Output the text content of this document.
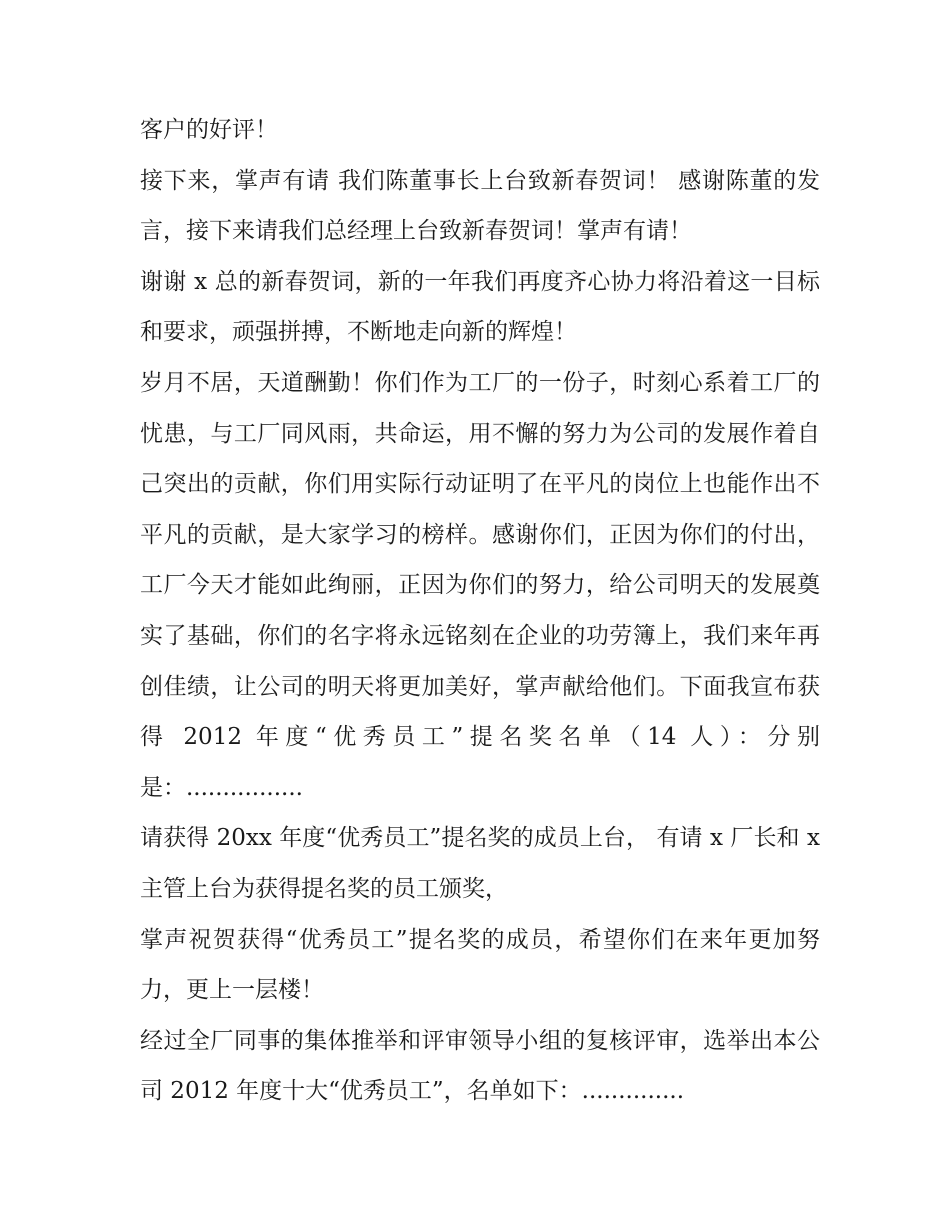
客户的好评！

接下来，掌声有请 我们陈董事长上台致新春贺词！ 感谢陈董的发言，接下来请我们总经理上台致新春贺词！掌声有请！

谢谢 x 总的新春贺词，新的一年我们再度齐心协力将沿着这一目标和要求，顽强拼搏，不断地走向新的辉煌！

岁月不居，天道酬勤！你们作为工厂的一份子，时刻心系着工厂的忧患，与工厂同风雨，共命运，用不懈的努力为公司的发展作着自己突出的贡献，你们用实际行动证明了在平凡的岗位上也能作出不平凡的贡献，是大家学习的榜样。感谢你们，正因为你们的付出，工厂今天才能如此绚丽，正因为你们的努力，给公司明天的发展奠实了基础，你们的名字将永远铭刻在企业的功劳簿上，我们来年再创佳绩，让公司的明天将更加美好，掌声献给他们。下面我宣布获得 2012 年度“优秀员工”提名奖名单（14 人）：分别是：................

请获得 20xx 年度“优秀员工”提名奖的成员上台， 有请 x 厂长和 x 主管上台为获得提名奖的员工颁奖，

掌声祝贺获得“优秀员工”提名奖的成员，希望你们在来年更加努力，更上一层楼！

经过全厂同事的集体推举和评审领导小组的复核评审，选举出本公司 2012 年度十大“优秀员工”，名单如下：..............
